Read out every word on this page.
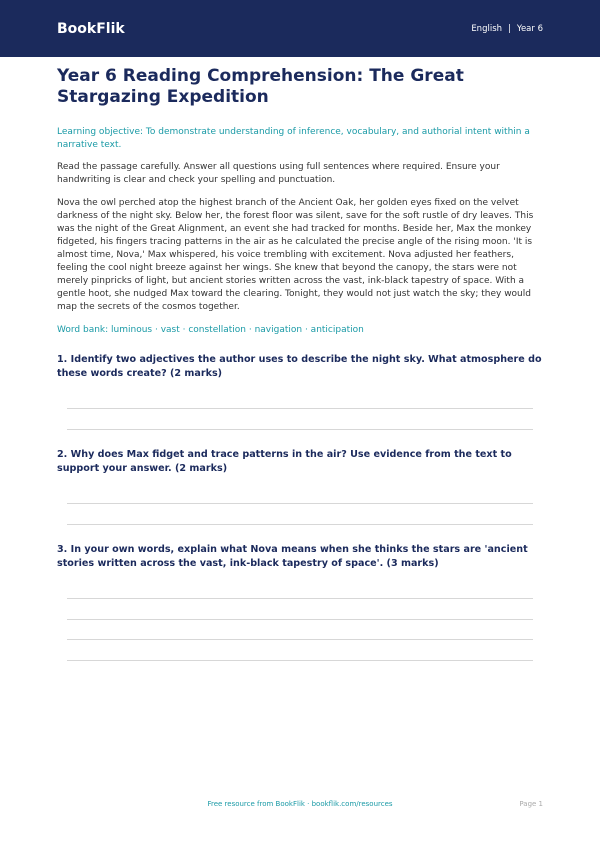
BookFlik	English | Year 6
Year 6 Reading Comprehension: The Great Stargazing Expedition

Learning objective: To demonstrate understanding of inference, vocabulary, and authorial intent within a narrative text.

Read the passage carefully. Answer all questions using full sentences where required. Ensure your handwriting is clear and check your spelling and punctuation.

Nova the owl perched atop the highest branch of the Ancient Oak, her golden eyes fixed on the velvet darkness of the night sky. Below her, the forest floor was silent, save for the soft rustle of dry leaves. This was the night of the Great Alignment, an event she had tracked for months. Beside her, Max the monkey fidgeted, his fingers tracing patterns in the air as he calculated the precise angle of the rising moon. 'It is almost time, Nova,' Max whispered, his voice trembling with excitement. Nova adjusted her feathers, feeling the cool night breeze against her wings. She knew that beyond the canopy, the stars were not merely pinpricks of light, but ancient stories written across the vast, ink-black tapestry of space. With a gentle hoot, she nudged Max toward the clearing. Tonight, they would not just watch the sky; they would map the secrets of the cosmos together.

Word bank: luminous · vast · constellation · navigation · anticipation

1. Identify two adjectives the author uses to describe the night sky. What atmosphere do these words create? (2 marks)

2. Why does Max fidget and trace patterns in the air? Use evidence from the text to support your answer. (2 marks)

3. In your own words, explain what Nova means when she thinks the stars are 'ancient stories written across the vast, ink-black tapestry of space'. (3 marks)

Free resource from BookFlik · bookflik.com/resources	Page 1
